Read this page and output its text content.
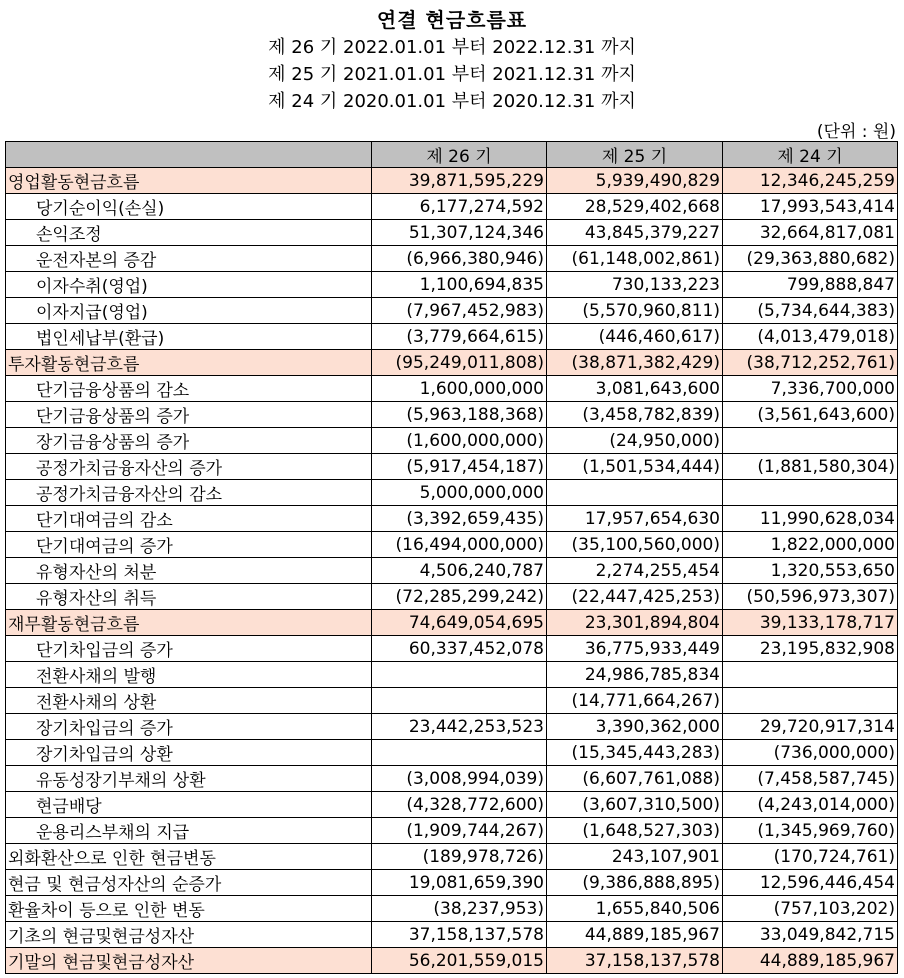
연결 현금흐름표
제 26 기 2022.01.01 부터 2022.12.31 까지
제 25 기 2021.01.01 부터 2021.12.31 까지
제 24 기 2020.01.01 부터 2020.12.31 까지
(단위 : 원)
	제 26 기	제 25 기	제 24 기
영업활동현금흐름	39,871,595,229	5,939,490,829	12,346,245,259
당기순이익(손실)	6,177,274,592	28,529,402,668	17,993,543,414
손익조정	51,307,124,346	43,845,379,227	32,664,817,081
운전자본의 증감	(6,966,380,946)	(61,148,002,861)	(29,363,880,682)
이자수취(영업)	1,100,694,835	730,133,223	799,888,847
이자지급(영업)	(7,967,452,983)	(5,570,960,811)	(5,734,644,383)
법인세납부(환급)	(3,779,664,615)	(446,460,617)	(4,013,479,018)
투자활동현금흐름	(95,249,011,808)	(38,871,382,429)	(38,712,252,761)
단기금융상품의 감소	1,600,000,000	3,081,643,600	7,336,700,000
단기금융상품의 증가	(5,963,188,368)	(3,458,782,839)	(3,561,643,600)
장기금융상품의 증가	(1,600,000,000)	(24,950,000)	
공정가치금융자산의 증가	(5,917,454,187)	(1,501,534,444)	(1,881,580,304)
공정가치금융자산의 감소	5,000,000,000		
단기대여금의 감소	(3,392,659,435)	17,957,654,630	11,990,628,034
단기대여금의 증가	(16,494,000,000)	(35,100,560,000)	1,822,000,000
유형자산의 처분	4,506,240,787	2,274,255,454	1,320,553,650
유형자산의 취득	(72,285,299,242)	(22,447,425,253)	(50,596,973,307)
재무활동현금흐름	74,649,054,695	23,301,894,804	39,133,178,717
단기차입금의 증가	60,337,452,078	36,775,933,449	23,195,832,908
전환사채의 발행		24,986,785,834	
전환사채의 상환		(14,771,664,267)	
장기차입금의 증가	23,442,253,523	3,390,362,000	29,720,917,314
장기차입금의 상환		(15,345,443,283)	(736,000,000)
유동성장기부채의 상환	(3,008,994,039)	(6,607,761,088)	(7,458,587,745)
현금배당	(4,328,772,600)	(3,607,310,500)	(4,243,014,000)
운용리스부채의 지급	(1,909,744,267)	(1,648,527,303)	(1,345,969,760)
외화환산으로 인한 현금변동	(189,978,726)	243,107,901	(170,724,761)
현금 및 현금성자산의 순증가	19,081,659,390	(9,386,888,895)	12,596,446,454
환율차이 등으로 인한 변동	(38,237,953)	1,655,840,506	(757,103,202)
기초의 현금및현금성자산	37,158,137,578	44,889,185,967	33,049,842,715
기말의 현금및현금성자산	56,201,559,015	37,158,137,578	44,889,185,967
